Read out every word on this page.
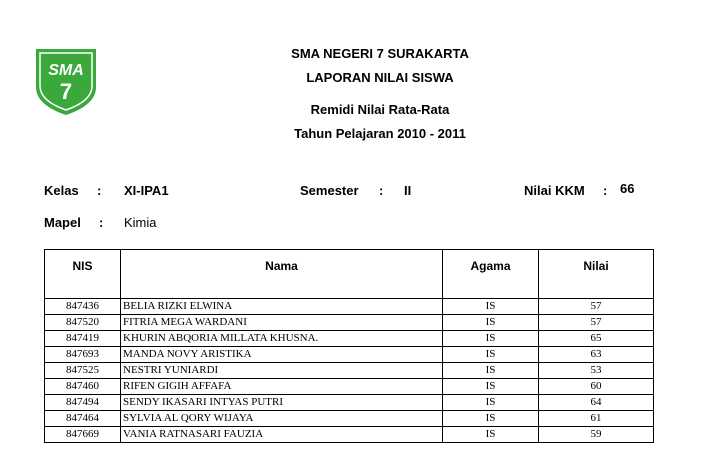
SMA
7
SMA NEGERI 7 SURAKARTA
LAPORAN NILAI SISWA
Remidi Nilai Rata-Rata
Tahun Pelajaran 2010 - 2011
Kelas : XI-IPA1	Semester : II	Nilai KKM : 66
Mapel : Kimia
NIS	Nama	Agama	Nilai
847436	BELIA RIZKI ELWINA	IS	57
847520	FITRIA MEGA WARDANI	IS	57
847419	KHURIN ABQORIA MILLATA KHUSNA.	IS	65
847693	MANDA NOVY ARISTIKA	IS	63
847525	NESTRI YUNIARDI	IS	53
847460	RIFEN GIGIH AFFAFA	IS	60
847494	SENDY IKASARI INTYAS PUTRI	IS	64
847464	SYLVIA AL QORY WIJAYA	IS	61
847669	VANIA RATNASARI FAUZIA	IS	59
